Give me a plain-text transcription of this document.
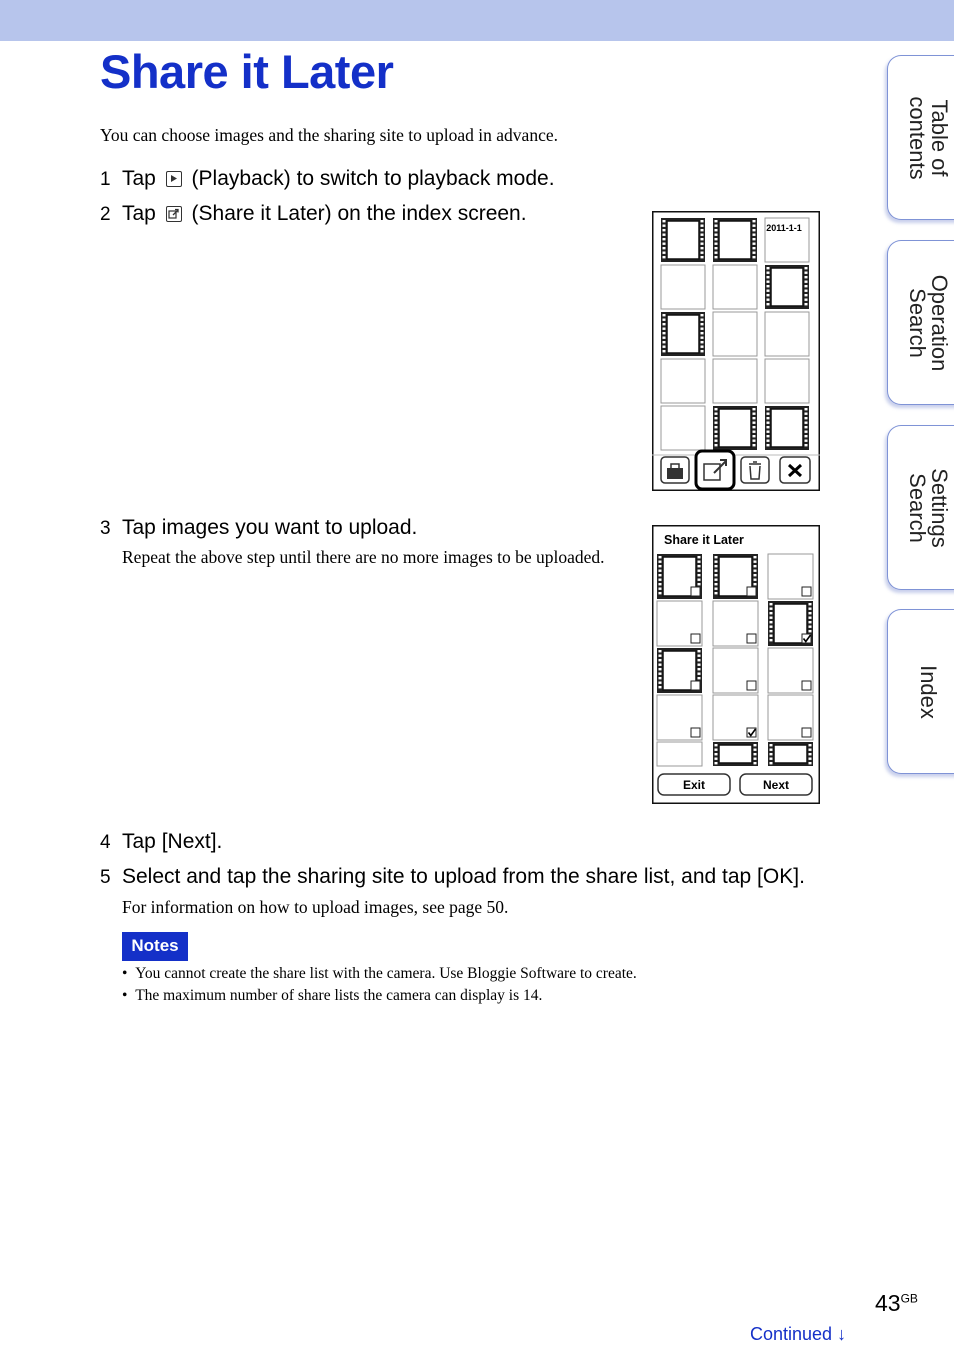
Share it Later
You can choose images and the sharing site to upload in advance.
1 Tap (Playback) to switch to playback mode.
2 Tap (Share it Later) on the index screen.
2011-1-1
3 Tap images you want to upload.
Repeat the above step until there are no more images to be uploaded.
Share it Later
Exit	Next
4 Tap [Next].
5 Select and tap the sharing site to upload from the share list, and tap [OK].
For information on how to upload images, see page 50.
Notes
•  You cannot create the share list with the camera. Use Bloggie Software to create.
•  The maximum number of share lists the camera can display is 14.
Table of contents
Operation Search
Settings Search
Index
$43^{GB}$
Continued ↓
